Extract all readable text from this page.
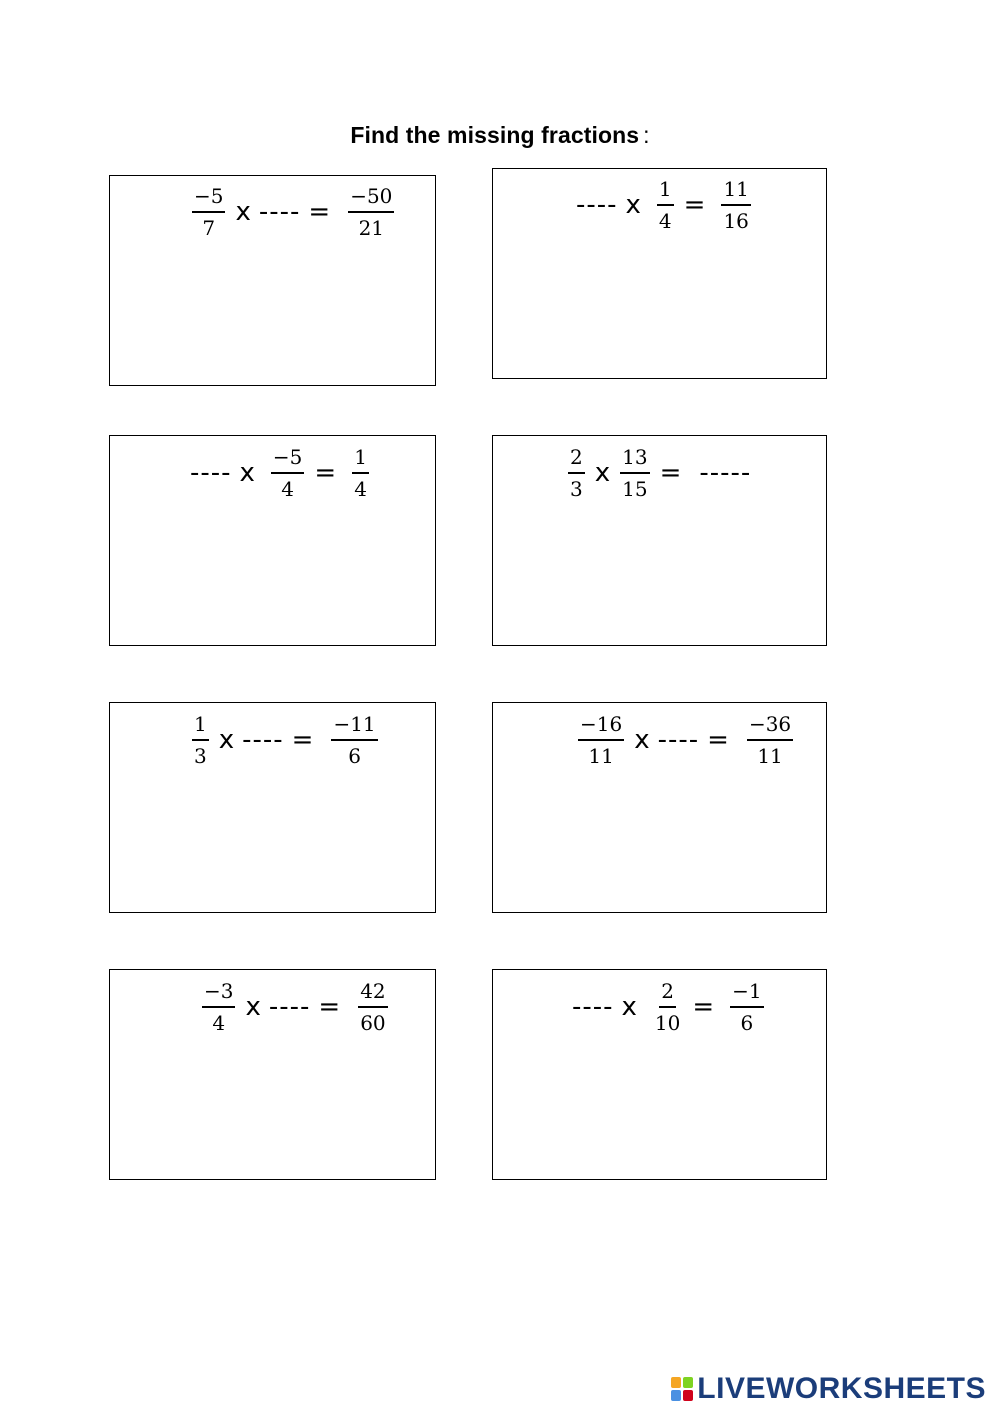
Find the missing fractions :
$\frac{-5}{7}$ x ---- = $\frac{-50}{21}$	---- x $\frac{1}{4} = \frac{11}{16}$
---- x $\frac{-5}{4} = \frac{1}{4}$	$\frac{2}{3}$ x $\frac{13}{15}$ = -----
$\frac{1}{3}$ x ---- = $\frac{-11}{6}$	$\frac{-16}{11}$ x ---- = $\frac{-36}{11}$
$\frac{-3}{4}$ x ---- = $\frac{42}{60}$	---- x $\frac{2}{10} = \frac{-1}{6}$
LIVEWORKSHEETS
